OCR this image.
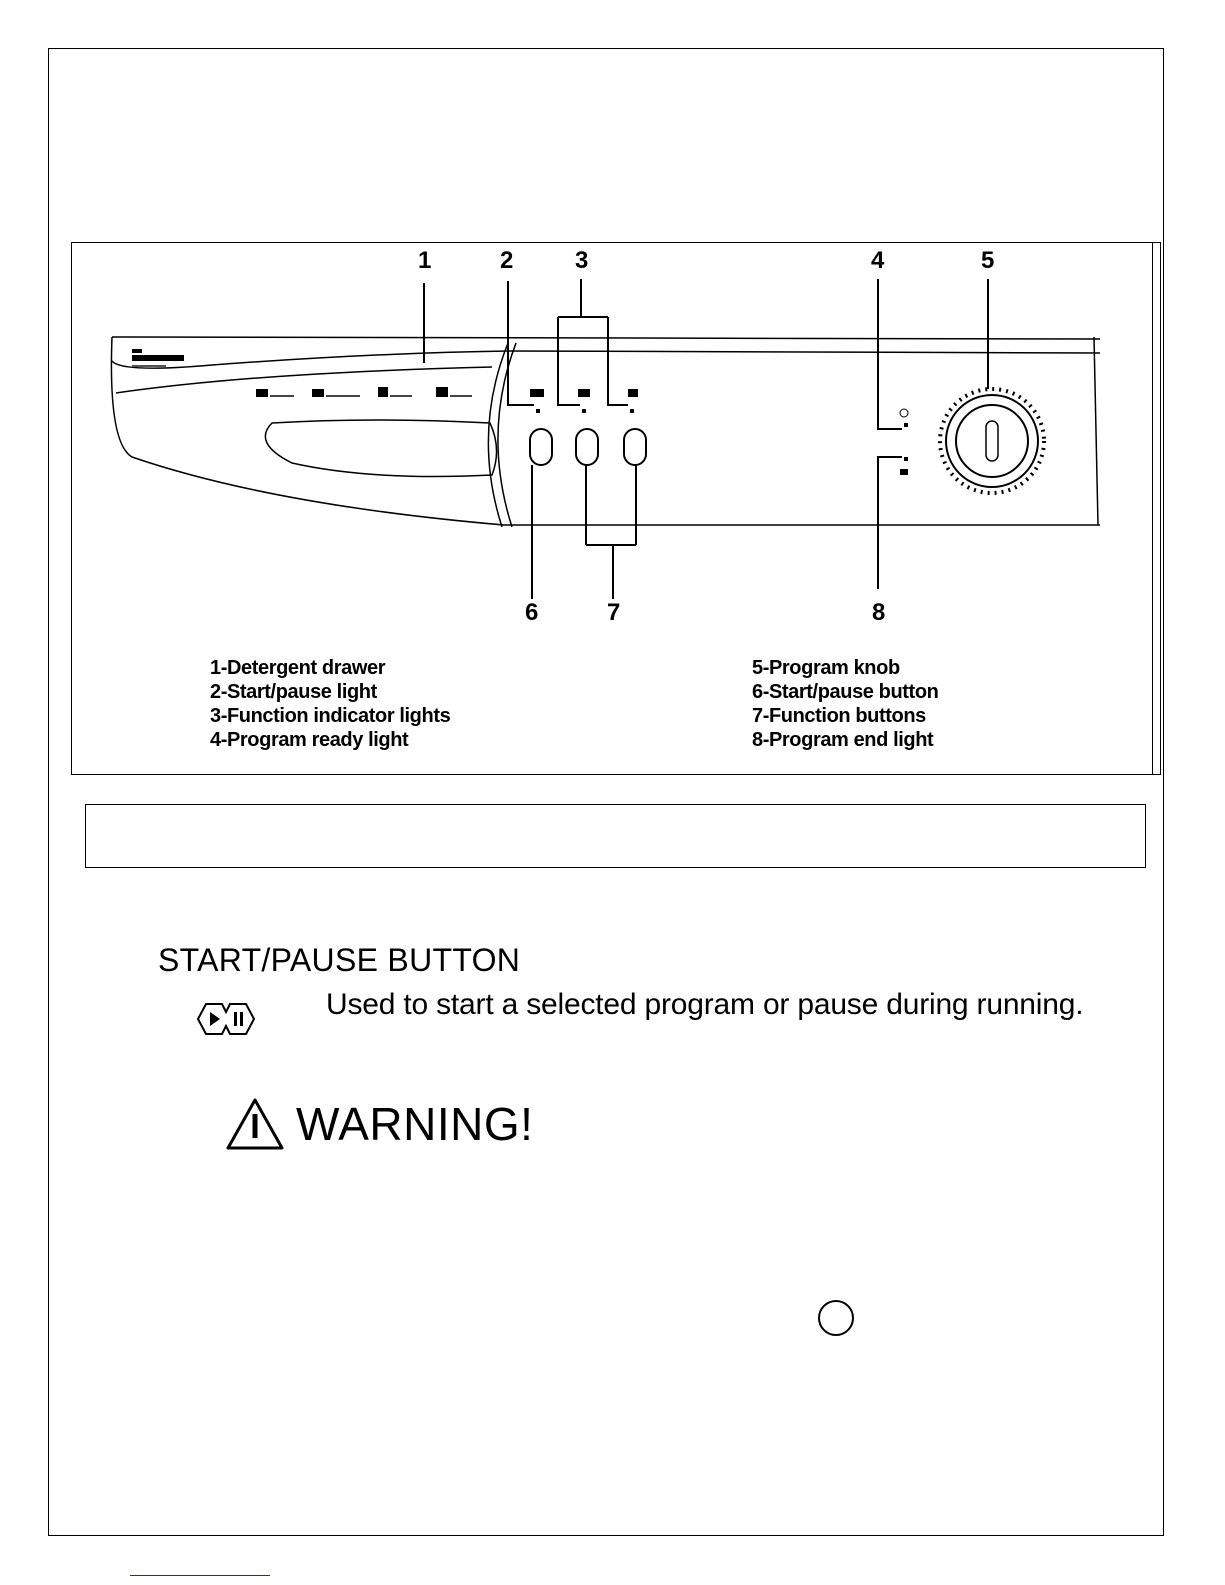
1	2	3	4	5
6	7	8
Beko
1-Detergent drawer
2-Start/pause light
3-Function indicator lights
4-Program ready light
5-Program knob
6-Start/pause button
7-Function buttons
8-Program end light
START/PAUSE BUTTON
Used to start a selected program or pause during running.
WARNING!
